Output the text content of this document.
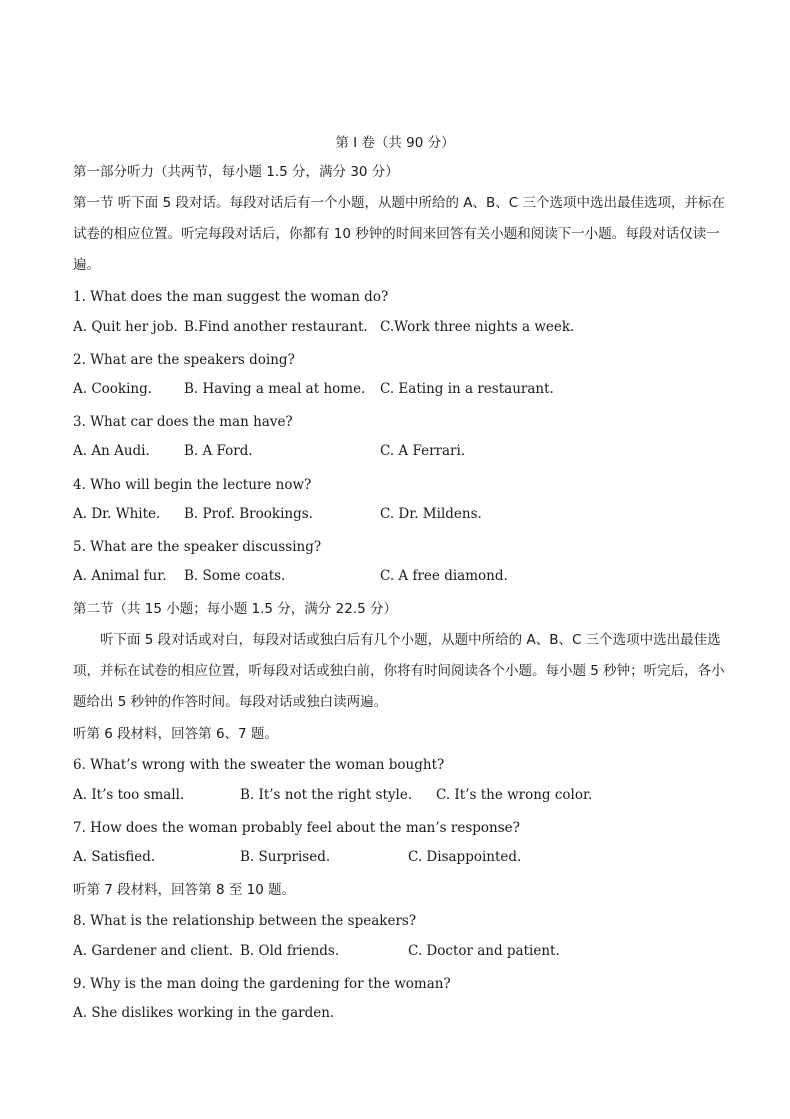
第 I 卷（共 90 分）
第一部分听力（共两节，每小题 1.5 分，满分 30 分）
第一节 听下面 5 段对话。每段对话后有一个小题，从题中所给的 A、B、C 三个选项中选出最佳选项，并标在试卷的相应位置。听完每段对话后，你都有 10 秒钟的时间来回答有关小题和阅读下一小题。每段对话仅读一遍。
1. What does the man suggest the woman do?
A. Quit her job. B.Find another restaurant. C.Work three nights a week.
2. What are the speakers doing?
A. Cooking. B. Having a meal at home. C. Eating in a restaurant.
3. What car does the man have?
A. An Audi.	B. A Ford.	C. A Ferrari.
4. Who will begin the lecture now?
A. Dr. White. B. Prof. Brookings.	C. Dr. Mildens.
5. What are the speaker discussing?
A. Animal fur. B. Some coats.	C. A free diamond.
第二节（共 15 小题；每小题 1.5 分，满分 22.5 分）
听下面 5 段对话或对白，每段对话或独白后有几个小题，从题中所给的 A、B、C 三个选项中选出最佳选项，并标在试卷的相应位置，听每段对话或独白前，你将有时间阅读各个小题。每小题 5 秒钟；听完后，各小题给出 5 秒钟的作答时间。每段对话或独白读两遍。
听第 6 段材料，回答第 6、7 题。
6. What’s wrong with the sweater the woman bought?
A. It’s too small.	B. It’s not the right style. C. It’s the wrong color.
7. How does the woman probably feel about the man’s response?
A. Satisfied.	B. Surprised.	C. Disappointed.
听第 7 段材料，回答第 8 至 10 题。
8. What is the relationship between the speakers?
A. Gardener and client. B. Old friends.	C. Doctor and patient.
9. Why is the man doing the gardening for the woman?
A. She dislikes working in the garden.
